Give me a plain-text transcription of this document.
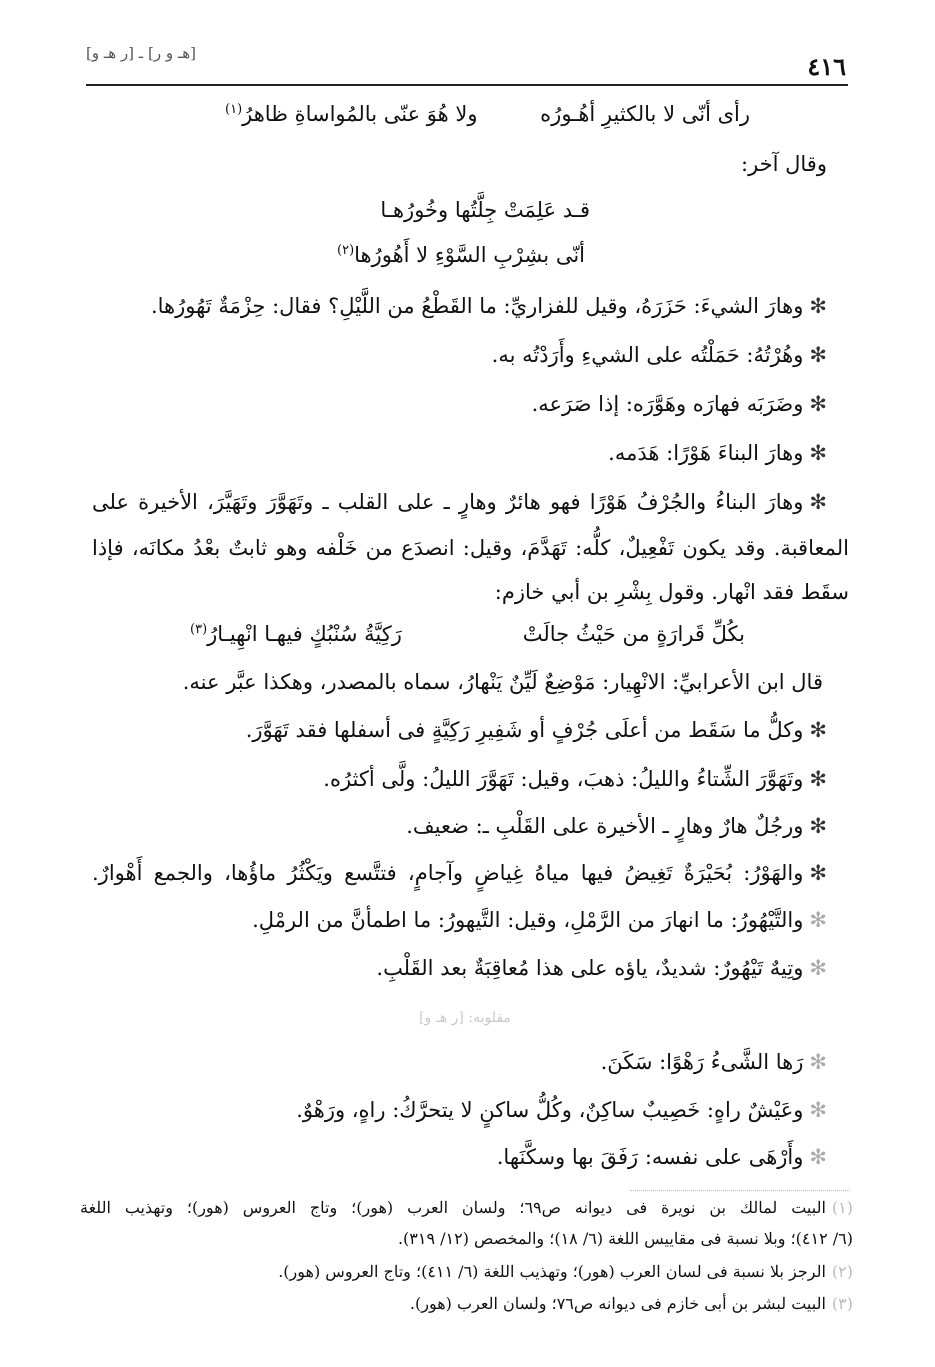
٤١٦
[هـ و ر] ـ [ر هـ و]
رأى أنّى لا بالكثيرِ أهُـورُه
ولا هُوَ عنّى بالمُواساةِ ظاهرُ$^{(١)}$
وقال آخر:
قـد عَلِمَتْ جِلَّتُها وخُورُهـا
أنّى بشِرْبِ السَّوْءِ لا أَهُورُها$^{(٢)}$
✻وهارَ الشيءَ: حَزَرَهُ، وقيل للفزاريِّ: ما القَطْعُ من اللَّيْلِ؟ فقال: حِزْمَةٌ تَهُورُها.
✻وهُرْتُهُ: حَمَلْتُه على الشيءِ وأَرَدْتُه به.
✻وضَرَبَه فهارَه وهَوَّرَه: إذا صَرَعه.
✻وهارَ البناءَ هَوْرًا: هَدَمه.
✻وهارَ البناءُ والجُرْفُ هَوْرًا فهو هائرٌ وهارٍ ـ على القلب ـ وتَهَوَّرَ وتَهَيَّرَ، الأخيرة على
المعاقبة. وقد يكون تَفْعِيلٌ، كلُّه: تَهَدَّمَ، وقيل: انصدَع من خَلْفه وهو ثابتٌ بعْدُ مكانَه، فإذا
سقَط فقد انْهار. وقول بِشْرِ بن أبي خازم:
بكُلِّ قَرارَةٍ من حَيْثُ جالَتْ
رَكِيَّةُ سُنْبُكٍ فيهـا انْهِيـارُ$^{(٣)}$
قال ابن الأعرابيِّ: الانْهِيار: مَوْضِعٌ لَيِّنٌ يَنْهارُ، سماه بالمصدر، وهكذا عبَّر عنه.
✻وكلُّ ما سَقَط من أعلَى جُرْفٍ أو شَفِيرِ رَكِيَّةٍ فى أسفلها فقد تَهَوَّرَ.
✻وتَهَوَّرَ الشِّتاءُ والليلُ: ذهبَ، وقيل: تَهَوَّرَ الليلُ: ولَّى أكثرُه.
✻ورجُلٌ هارٌ وهارٍ ـ الأخيرة على القَلْبِ ـ: ضعيف.
✻والهَوْرُ: بُحَيْرَةٌ تَغِيضُ فيها مياهُ غِياضٍ وآجامٍ، فتتَّسع ويَكْثُرُ ماؤُها، والجمع أَهْوارٌ.
✻والتَّيْهُورُ: ما انهارَ من الرَّمْلِ، وقيل: التَّيهورُ: ما اطمأنَّ من الرمْلِ.
✻وتِيهٌ تَيْهُورٌ: شديدٌ، ياؤه على هذا مُعاقِبَةٌ بعد القَلْبِ.
مقلوبه: [ر هـ و]
✻رَها الشَّىءُ رَهْوًا: سَكَنَ.
✻وعَيْشٌ راهٍ: خَصِيبٌ ساكِنٌ، وكُلُّ ساكنٍ لا يتحرَّكُ: راهٍ، ورَهْوٌ.
✻وأَرْهَى على نفسه: رَفَقَ بها وسكَّنَها.
(١)البيت لمالك بن نويرة فى ديوانه ص٦٩؛ ولسان العرب (هور)؛ وتاج العروس (هور)؛ وتهذيب اللغة
(٦/ ٤١٢)؛ وبلا نسبة فى مقاييس اللغة (٦/ ١٨)؛ والمخصص (١٢/ ٣١٩).
(٢)الرجز بلا نسبة فى لسان العرب (هور)؛ وتهذيب اللغة (٦/ ٤١١)؛ وتاج العروس (هور).
(٣)البيت لبشر بن أبى خازم فى ديوانه ص٧٦؛ ولسان العرب (هور).
